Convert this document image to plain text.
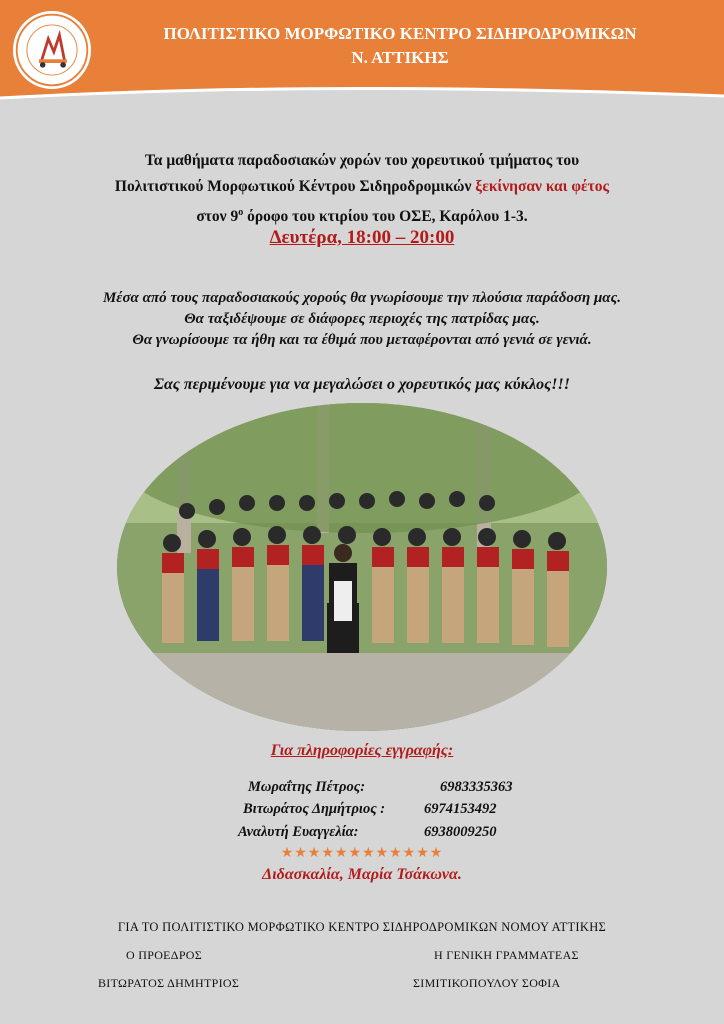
ΠΟΛΙΤΙΣΤΙΚΟ ΜΟΡΦΩΤΙΚΟ ΚΕΝΤΡΟ ΣΙΔΗΡΟΔΡΟΜΙΚΩΝ
Ν. ΑΤΤΙΚΗΣ
Τα μαθήματα παραδοσιακών χορών του χορευτικού τμήματος του
Πολιτιστικού Μορφωτικού Κέντρου Σιδηροδρομικών ξεκίνησαν και φέτος
στον $9^o$ όροφο του κτιρίου του ΟΣΕ, Καρόλου 1-3.
Δευτέρα, 18:00 – 20:00
Μέσα από τους παραδοσιακούς χορούς θα γνωρίσουμε την πλούσια παράδοση μας.
Θα ταξιδέψουμε σε διάφορες περιοχές της πατρίδας μας.
Θα γνωρίσουμε τα ήθη και τα έθιμά που μεταφέρονται από γενιά σε γενιά.
Σας περιμένουμε για να μεγαλώσει ο χορευτικός μας κύκλος!!!
Για πληροφορίες εγγραφής:
Μωραΐτης Πέτρος:	6983335363
Βιτωράτος Δημήτριος :	6974153492
Αναλυτή Ευαγγελία:	6938009250
★★★★★★★★★★★★
Διδασκαλία, Μαρία Τσάκωνα.
ΓΙΑ ΤΟ ΠΟΛΙΤΙΣΤΙΚΟ ΜΟΡΦΩΤΙΚΟ ΚΕΝΤΡΟ ΣΙΔΗΡΟΔΡΟΜΙΚΩΝ ΝΟΜΟΥ ΑΤΤΙΚΗΣ
Ο ΠΡΟΕΔΡΟΣ	Η ΓΕΝΙΚΗ ΓΡΑΜΜΑΤΕΑΣ
ΒΙΤΩΡΑΤΟΣ ΔΗΜΗΤΡΙΟΣ	ΣΙΜΙΤΙΚΟΠΟΥΛΟΥ ΣΟΦΙΑ
